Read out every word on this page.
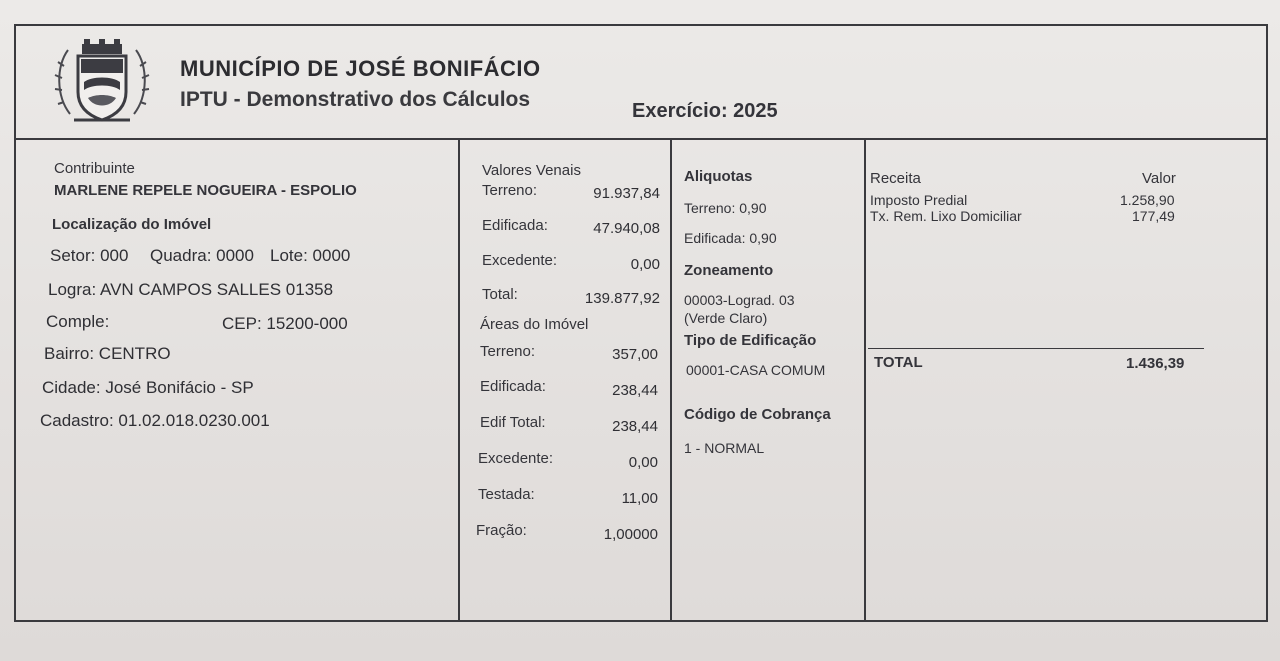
MUNICÍPIO DE JOSÉ BONIFÁCIO
IPTU - Demonstrativo dos Cálculos	Exercício: 2025
Contribuinte
MARLENE REPELE NOGUEIRA - ESPOLIO
Localização do Imóvel
Setor: 000 Quadra: 0000 Lote: 0000
Logra: AVN CAMPOS SALLES 01358
Comple:	CEP: 15200-000
Bairro: CENTRO
Cidade: José Bonifácio - SP
Cadastro: 01.02.018.0230.001
Valores Venais
Terreno:	91.937,84
Edificada:	47.940,08
Excedente:	0,00
Total:	139.877,92
Áreas do Imóvel
Terreno:	357,00
Edificada:	238,44
Edif Total:	238,44
Excedente:	0,00
Testada:	11,00
Fração:	1,00000
Aliquotas
Terreno: 0,90
Edificada: 0,90
Zoneamento
00003-Lograd. 03
(Verde Claro)
Tipo de Edificação
00001-CASA COMUM
Código de Cobrança
1 - NORMAL
Receita	Valor
Imposto Predial	1.258,90
Tx. Rem. Lixo Domiciliar	177,49
TOTAL	1.436,39
